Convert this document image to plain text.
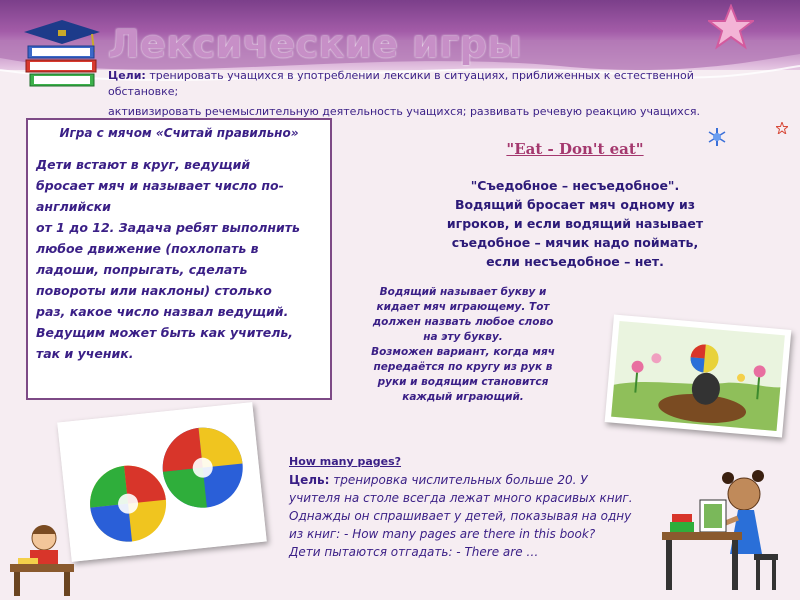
Лексические игры

Цели: тренировать учащихся в употреблении лексики в ситуациях, приближенных к естественной обстановке;

активизировать речемыслительную деятельность учащихся; развивать речевую реакцию учащихся.

Игра с мячом «Считай правильно»
Дети встают в круг, ведущий
бросает мяч и называет число по-английски
от 1 до 12. Задача ребят выполнить
любое движение (похлопать в
ладоши, попрыгать, сделать
повороты или наклоны) столько
раз, какое число назвал ведущий.
Ведущим может быть как учитель,
так и ученик.
"Eat - Don't eat"
"Съедобное – несъедобное".
Водящий бросает мяч одному из
игроков, и если водящий называет
съедобное – мячик надо поймать,
если несъедобное – нет.
Водящий называет букву и
кидает мяч играющему. Тот
должен назвать любое слово
на эту букву.
Возможен вариант, когда мяч
передаётся по кругу из рук в
руки и водящим становится
каждый играющий.
How many pages?
Цель: тренировка числительных больше 20. У учителя на столе всегда лежат много красивых книг. Однажды он спрашивает у детей, показывая на одну из книг: - How many pages are there in this book?
Дети пытаются отгадать: - There are …
